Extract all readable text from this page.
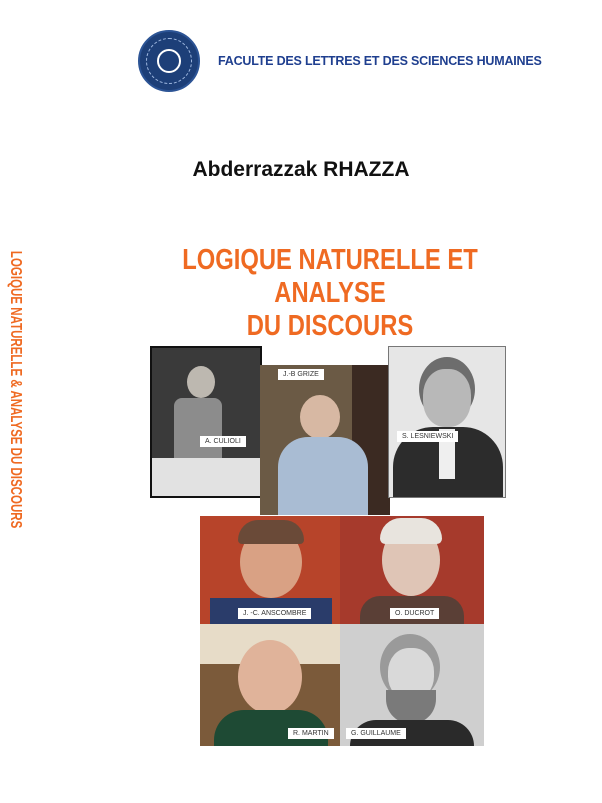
FACULTE DES LETTRES ET DES SCIENCES HUMAINES
Abderrazzak RHAZZA
LOGIQUE NATURELLE ET ANALYSE
DU DISCOURS
LOGIQUE NATURELLE & ANALYSE DU DISCOURS	A. CULIOLI
J.-B GRIZE
S. LESNIEWSKI
J. -C. ANSCOMBRE	O. DUCROT
R. MARTIN	G. GUILLAUME
